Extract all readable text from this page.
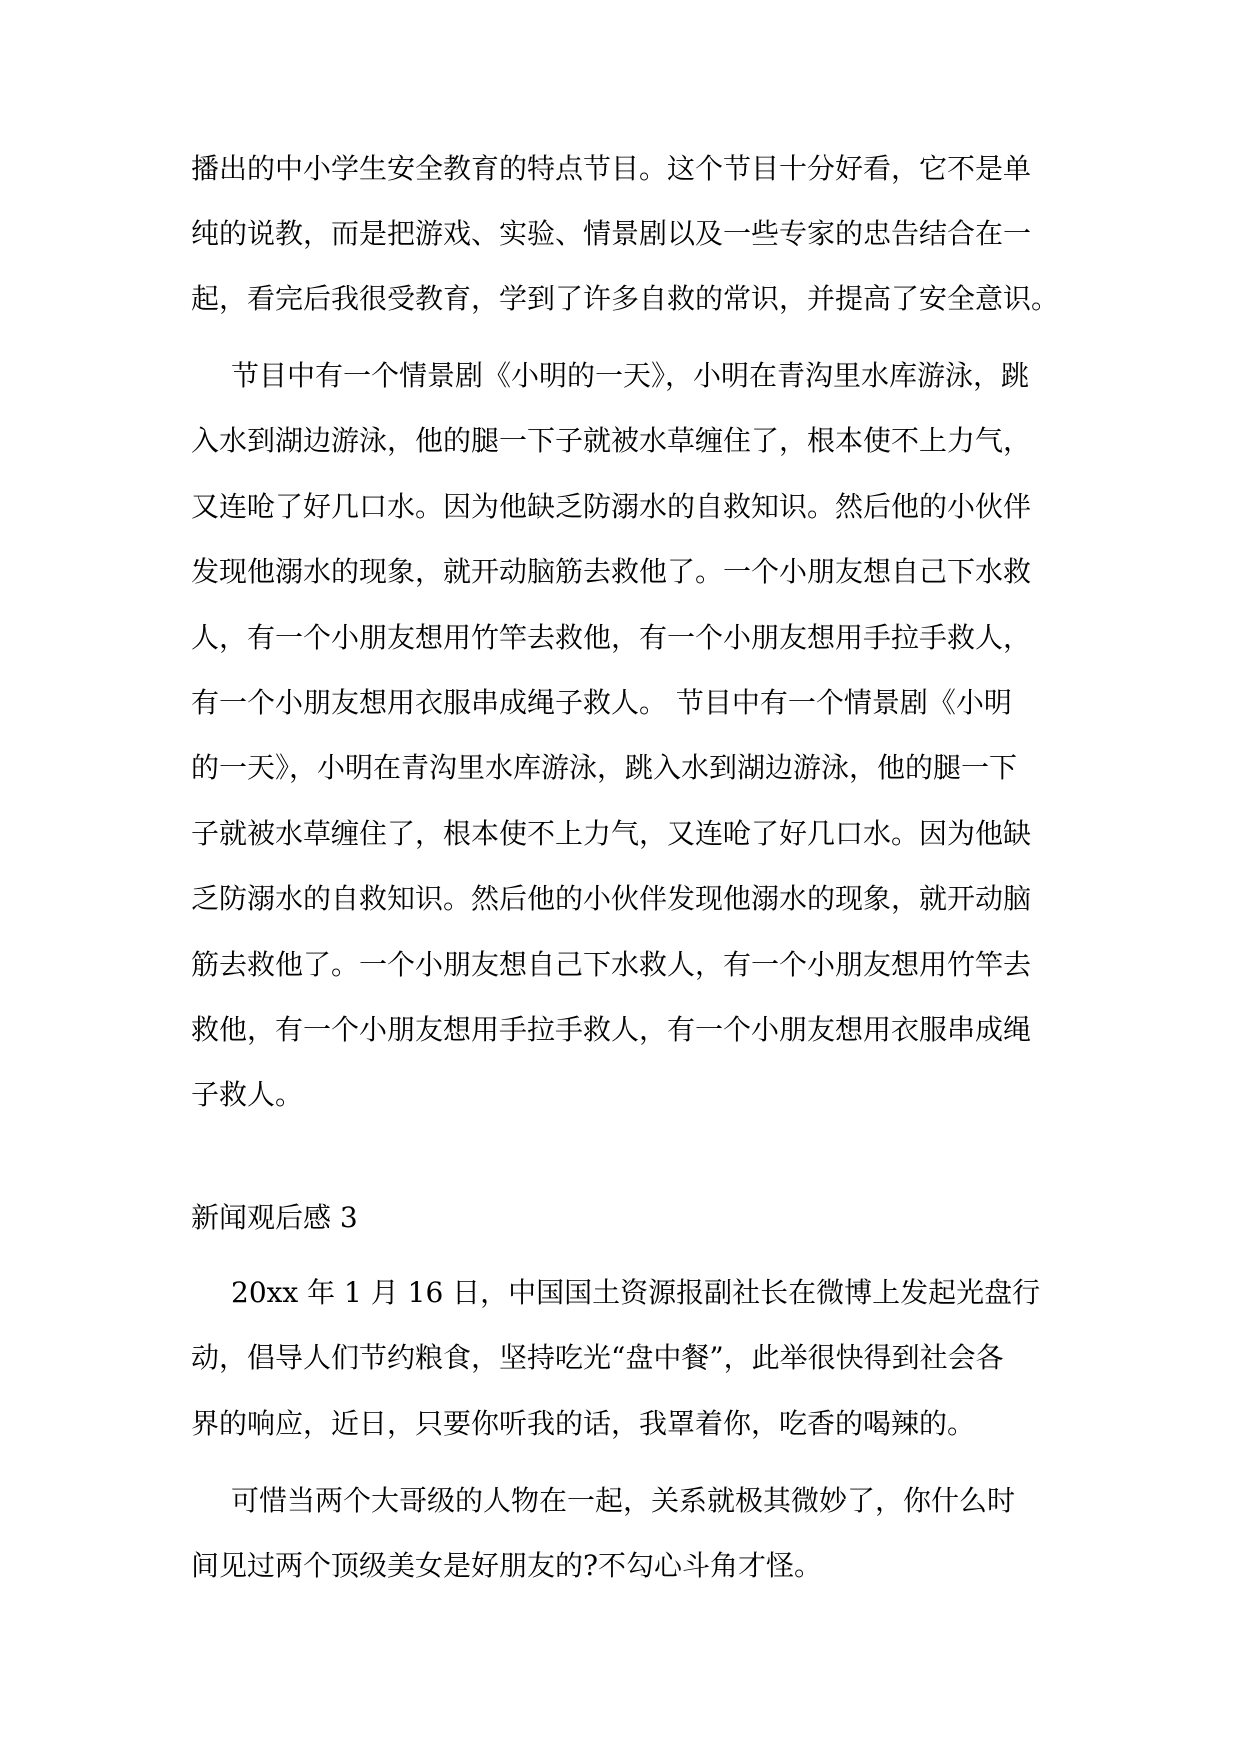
播出的中小学生安全教育的特点节目。这个节目十分好看，它不是单
纯的说教，而是把游戏、实验、情景剧以及一些专家的忠告结合在一
起，看完后我很受教育，学到了许多自救的常识，并提高了安全意识。
节目中有一个情景剧《小明的一天》，小明在青沟里水库游泳，跳
入水到湖边游泳，他的腿一下子就被水草缠住了，根本使不上力气，
又连呛了好几口水。因为他缺乏防溺水的自救知识。然后他的小伙伴
发现他溺水的现象，就开动脑筋去救他了。一个小朋友想自己下水救
人，有一个小朋友想用竹竿去救他，有一个小朋友想用手拉手救人，
有一个小朋友想用衣服串成绳子救人。 节目中有一个情景剧《小明
的一天》，小明在青沟里水库游泳，跳入水到湖边游泳，他的腿一下
子就被水草缠住了，根本使不上力气，又连呛了好几口水。因为他缺
乏防溺水的自救知识。然后他的小伙伴发现他溺水的现象，就开动脑
筋去救他了。一个小朋友想自己下水救人，有一个小朋友想用竹竿去
救他，有一个小朋友想用手拉手救人，有一个小朋友想用衣服串成绳
子救人。
新闻观后感 3
20xx 年 1 月 16 日，中国国土资源报副社长在微博上发起光盘行
动，倡导人们节约粮食，坚持吃光“盘中餐”，此举很快得到社会各
界的响应，近日，只要你听我的话，我罩着你，吃香的喝辣的。
可惜当两个大哥级的人物在一起，关系就极其微妙了，你什么时
间见过两个顶级美女是好朋友的?不勾心斗角才怪。
